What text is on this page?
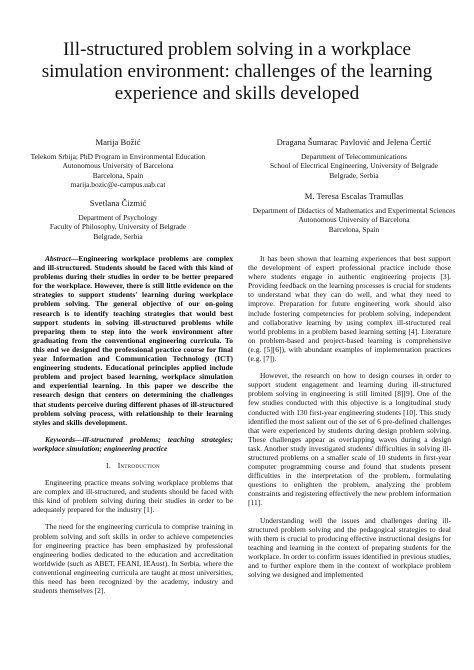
Ill-structured problem solving in a workplace simulation environment: challenges of the learning experience and skills developed
Marija Božić
Telekom Srbija; PhD Program in Environmental Education
Autonomous University of Barcelona
Barcelona, Spain
marija.bozic@e-campus.uab.cat
Svetlana Čizmić
Department of Psychology
Faculty of Philosophy, University of Belgrade
Belgrade, Serbia
Dragana Šumarac Pavlović and Jelena Ćertić
Department of Telecommunications
School of Electrical Engineering, University of Belgrade
Belgrade, Serbia
M. Teresa Escalas Tramullas
Department of Didactics of Mathematics and Experimental Sciences
Autonomous University of Barcelona
Barcelona, Spain

Abstract—Engineering workplace problems are complex and ill-structured. Students should be faced with this kind of problems during their studies in order to be better prepared for the workplace. However, there is still little evidence on the strategies to support students' learning during workplace problem solving. The general objective of our on-going research is to identify teaching strategies that would best support students in solving ill-structured problems while preparing them to step into the work environment after graduating from the conventional engineering curricula. To this end we designed the professional practice course for final year Information and Communication Technology (ICT) engineering students. Educational principles applied include problem and project based learning, workplace simulation and experiential learning. In this paper we describe the research design that centers on determining the challenges that students perceive during different phases of ill-structured problem solving process, with relationship to their learning styles and skills development.

Keywords—ill-structured problems; teaching strategies; workplace simulation; engineering practice

I. Introduction

Engineering practice means solving workplace problems that are complex and ill-structured, and students should be faced with this kind of problem solving during their studies in order to be adequately prepared for the industry [1].

The need for the engineering curricula to comprise training in problem solving and soft skills in order to achieve competencies for engineering practice has been emphasized by professional engineering bodies dedicated to the education and accreditation worldwide (such as ABET, FEANI, IEAust). In Serbia, where the conventional engineering curricula are taught at most universities, this need has been recognized by the academy, industry and students themselves [2].

It has been shown that learning experiences that best support the development of expert professional practice include those where students engage in authentic engineering projects [3]. Providing feedback on the learning processes is crucial for students to understand what they can do well, and what they need to improve. Preparation for future engineering work should also include fostering competencies for problem solving, independent and collaborative learning by using complex ill-structured real world problems in a problem based learning setting [4]. Literature on problem-based and project-based learning is comprehensive (e.g. [5][6]), with abundant examples of implementation practices (e.g. [7]).

However, the research on how to design courses in order to support student engagement and learning during ill-structured problem solving in engineering is still limited [8][9]. One of the few studies conducted with this objective is a longitudinal study conducted with 130 first-year engineering students [10]. This study identified the most salient out of the set of 6 pre-defined challenges that were experienced by students during design problem solving. These challenges appear as overlapping waves during a design task. Another study investigated students' difficulties in solving ill-structured problems on a smaller scale of 10 students in first-year computer programming course and found that students present difficulties in the interpretation of the problem, formulating questions to enlighten the problem, analyzing the problem constraints and registering effectively the new problem information [11].

Understanding well the issues and challenges during ill-structured problem solving and the pedagogical strategies to deal with them is crucial to producing effective instructional designs for teaching and learning in the context of preparing students for the workplace. In order to confirm issues identified in previous studies, and to further explore them in the context of workplace problem solving we designed and implemented
